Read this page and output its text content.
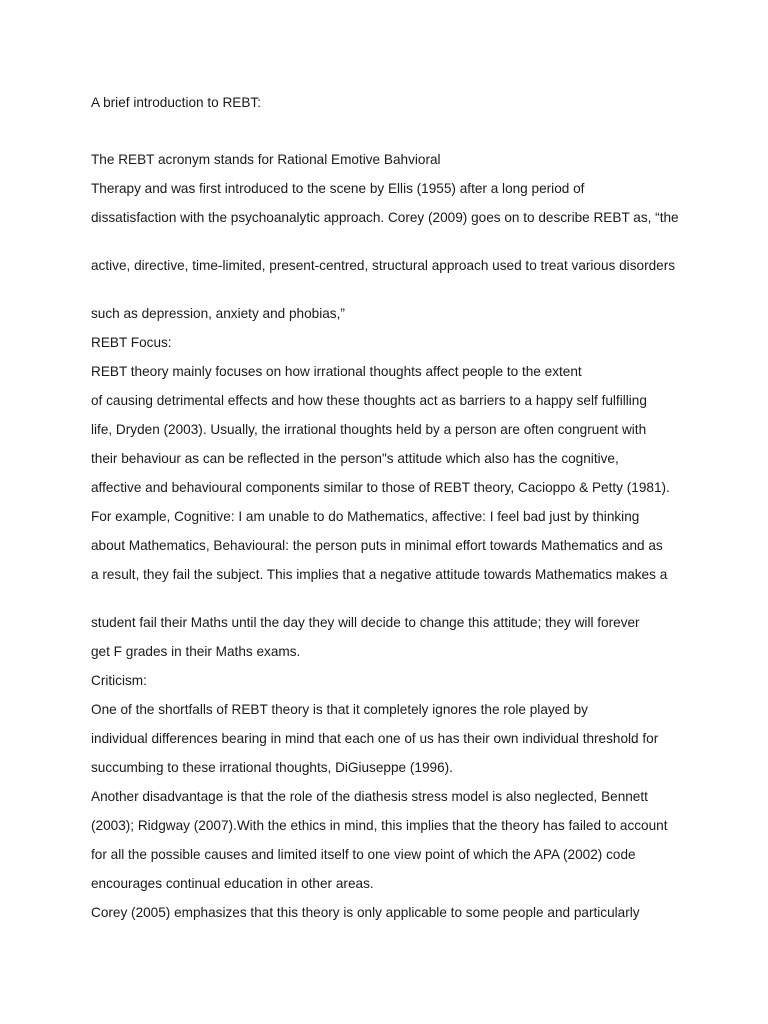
A brief introduction to REBT:
The REBT acronym stands for Rational Emotive Bahvioral
Therapy and was first introduced to the scene by Ellis (1955) after a long period of
dissatisfaction with the psychoanalytic approach. Corey (2009) goes on to describe REBT as, “the
active, directive, time-limited, present-centred, structural approach used to treat various disorders
such as depression, anxiety and phobias,”
REBT Focus:
REBT theory mainly focuses on how irrational thoughts affect people to the extent
of causing detrimental effects and how these thoughts act as barriers to a happy self fulfilling
life, Dryden (2003). Usually, the irrational thoughts held by a person are often congruent with
their behaviour as can be reflected in the person"s attitude which also has the cognitive,
affective and behavioural components similar to those of REBT theory, Cacioppo & Petty (1981).
For example, Cognitive: I am unable to do Mathematics, affective: I feel bad just by thinking
about Mathematics, Behavioural: the person puts in minimal effort towards Mathematics and as
a result, they fail the subject. This implies that a negative attitude towards Mathematics makes a
student fail their Maths until the day they will decide to change this attitude; they will forever
get F grades in their Maths exams.
Criticism:
One of the shortfalls of REBT theory is that it completely ignores the role played by
individual differences bearing in mind that each one of us has their own individual threshold for
succumbing to these irrational thoughts, DiGiuseppe (1996).
Another disadvantage is that the role of the diathesis stress model is also neglected, Bennett
(2003); Ridgway (2007).With the ethics in mind, this implies that the theory has failed to account
for all the possible causes and limited itself to one view point of which the APA (2002) code
encourages continual education in other areas.
Corey (2005) emphasizes that this theory is only applicable to some people and particularly
